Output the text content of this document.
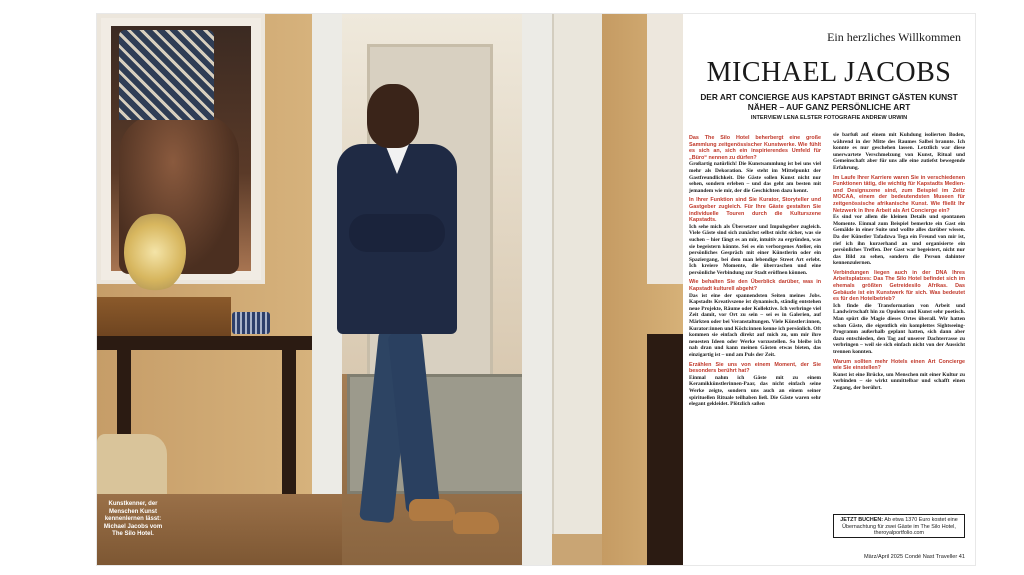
Kunstkenner, der Menschen Kunst kennenlernen lässt: Michael Jacobs vom The Silo Hotel.
Ein herzliches Willkommen
MICHAEL JACOBS
DER ART CONCIERGE AUS KAPSTADT BRINGT GÄSTEN KUNST NÄHER – AUF GANZ PERSÖNLICHE ART
INTERVIEW LENA ELSTER FOTOGRAFIE ANDREW URWIN

Das The Silo Hotel beherbergt eine große Sammlung zeitgenössischer Kunstwerke. Wie fühlt es sich an, sich ein inspirierendes Umfeld für „Büro“ nennen zu dürfen?

Großartig natürlich! Die Kunstsammlung ist bei uns viel mehr als Dekoration. Sie steht im Mittelpunkt der Gastfreundlichkeit. Die Gäste sollen Kunst nicht nur sehen, sondern erleben – und das geht am besten mit jemandem wie mir, der die Geschichten dazu kennt.

In Ihrer Funktion sind Sie Kurator, Storyteller und Gastgeber zugleich. Für Ihre Gäste gestalten Sie individuelle Touren durch die Kulturszene Kapstadts.

Ich sehe mich als Übersetzer und Impulsgeber zugleich. Viele Gäste sind sich zunächst selbst nicht sicher, was sie suchen – hier fängt es an mir, intuitiv zu ergründen, was sie begeistern könnte. Sei es ein verborgenes Atelier, ein persönliches Gespräch mit einer Künstlerin oder ein Spaziergang, bei dem man lebendige Street Art erlebt. Ich kreiere Momente, die überraschen und eine persönliche Verbindung zur Stadt eröffnen können.

Wie behalten Sie den Überblick darüber, was in Kapstadt kulturell abgeht?

Das ist eine der spannendsten Seiten meines Jobs. Kapstadts Kreativszene ist dynamisch, ständig entstehen neue Projekte, Räume oder Kollektive. Ich verbringe viel Zeit damit, vor Ort zu sein – sei es in Galerien, auf Märkten oder bei Veranstaltungen. Viele Künstler:innen, Kurator:innen und Köch:innen kenne ich persönlich. Oft kommen sie einfach direkt auf mich zu, um mir ihre neuesten Ideen oder Werke vorzustellen. So bleibe ich nah dran und kann meinen Gästen etwas bieten, das einzigartig ist – und am Puls der Zeit.

Erzählen Sie uns von einem Moment, der Sie besonders berührt hat?

Einmal nahm ich Gäste mit zu einem Keramikkünstlerinnen-Paar, das nicht einfach seine Werke zeigte, sondern uns auch an einem seiner spirituellen Rituale teilhaben ließ. Die Gäste waren sehr elegant gekleidet. Plötzlich saßen

sie barfuß auf einem mit Kuhdung isolierten Boden, während in der Mitte des Raumes Salbei brannte. Ich konnte es nur geschehen lassen. Letztlich war diese unerwartete Verschmelzung von Kunst, Ritual und Gemeinschaft aber für uns alle eine zutiefst bewegende Erfahrung.

Im Laufe Ihrer Karriere waren Sie in verschiedenen Funktionen tätig, die wichtig für Kapstadts Medien- und Designszene sind, zum Beispiel im Zeitz MOCAA, einem der bedeutendsten Museen für zeitgenössische afrikanische Kunst. Wie fließt Ihr Netzwerk in Ihre Arbeit als Art Concierge ein?

Es sind vor allem die kleinen Details und spontanen Momente. Einmal zum Beispiel bemerkte ein Gast ein Gemälde in einer Suite und wollte alles darüber wissen. Da der Künstler Tafadzwa Tega ein Freund von mir ist, rief ich ihn kurzerhand an und organisierte ein persönliches Treffen. Der Gast war begeistert, nicht nur das Bild zu sehen, sondern die Person dahinter kennenzulernen.

Verbindungen liegen auch in der DNA Ihres Arbeitsplatzes: Das The Silo Hotel befindet sich im ehemals größten Getreidesilo Afrikas. Das Gebäude ist ein Kunstwerk für sich. Was bedeutet es für den Hotelbetrieb?

Ich finde die Transformation von Arbeit und Landwirtschaft hin zu Opulenz und Kunst sehr poetisch. Man spürt die Magie dieses Ortes überall. Wir hatten schon Gäste, die eigentlich ein komplettes Sightseeing-Programm außerhalb geplant hatten, sich dann aber dazu entschieden, den Tag auf unserer Dachterrasse zu verbringen – weil sie sich einfach nicht von der Aussicht trennen konnten.

Warum sollten mehr Hotels einen Art Concierge wie Sie einstellen?

Kunst ist eine Brücke, um Menschen mit einer Kultur zu verbinden – sie wirkt unmittelbar und schafft einen Zugang, der berührt.

JETZT BUCHEN: Ab etwa 1370 Euro kostet eine Übernachtung für zwei Gäste im The Silo Hotel, theroyalportfolio.com
März/April 2025 Condé Nast Traveller 41
